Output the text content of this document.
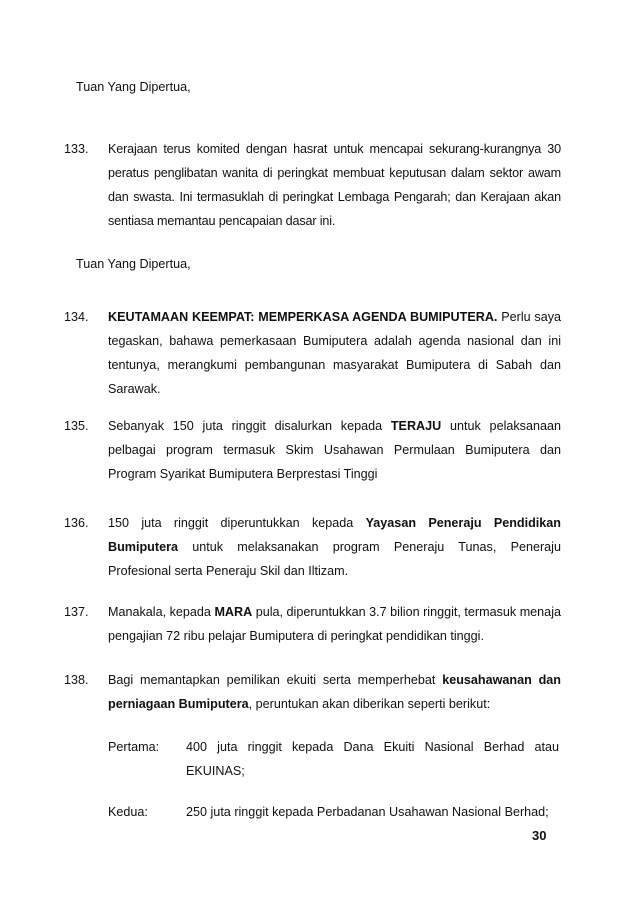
Tuan Yang Dipertua,

133. Kerajaan terus komited dengan hasrat untuk mencapai sekurang-kurangnya 30 peratus penglibatan wanita di peringkat membuat keputusan dalam sektor awam dan swasta. Ini termasuklah di peringkat Lembaga Pengarah; dan Kerajaan akan sentiasa memantau pencapaian dasar ini.

Tuan Yang Dipertua,

134. KEUTAMAAN KEEMPAT: MEMPERKASA AGENDA BUMIPUTERA. Perlu saya tegaskan, bahawa pemerkasaan Bumiputera adalah agenda nasional dan ini tentunya, merangkumi pembangunan masyarakat Bumiputera di Sabah dan Sarawak.

135. Sebanyak 150 juta ringgit disalurkan kepada TERAJU untuk pelaksanaan pelbagai program termasuk Skim Usahawan Permulaan Bumiputera dan Program Syarikat Bumiputera Berprestasi Tinggi

136. 150 juta ringgit diperuntukkan kepada Yayasan Peneraju Pendidikan Bumiputera untuk melaksanakan program Peneraju Tunas, Peneraju Profesional serta Peneraju Skil dan Iltizam.

137. Manakala, kepada MARA pula, diperuntukkan 3.7 bilion ringgit, termasuk menaja pengajian 72 ribu pelajar Bumiputera di peringkat pendidikan tinggi.

138. Bagi memantapkan pemilikan ekuiti serta memperhebat keusahawanan dan perniagaan Bumiputera, peruntukan akan diberikan seperti berikut:

Pertama: 400 juta ringgit kepada Dana Ekuiti Nasional Berhad atau EKUINAS;

Kedua:	250 juta ringgit kepada Perbadanan Usahawan Nasional Berhad;

30
